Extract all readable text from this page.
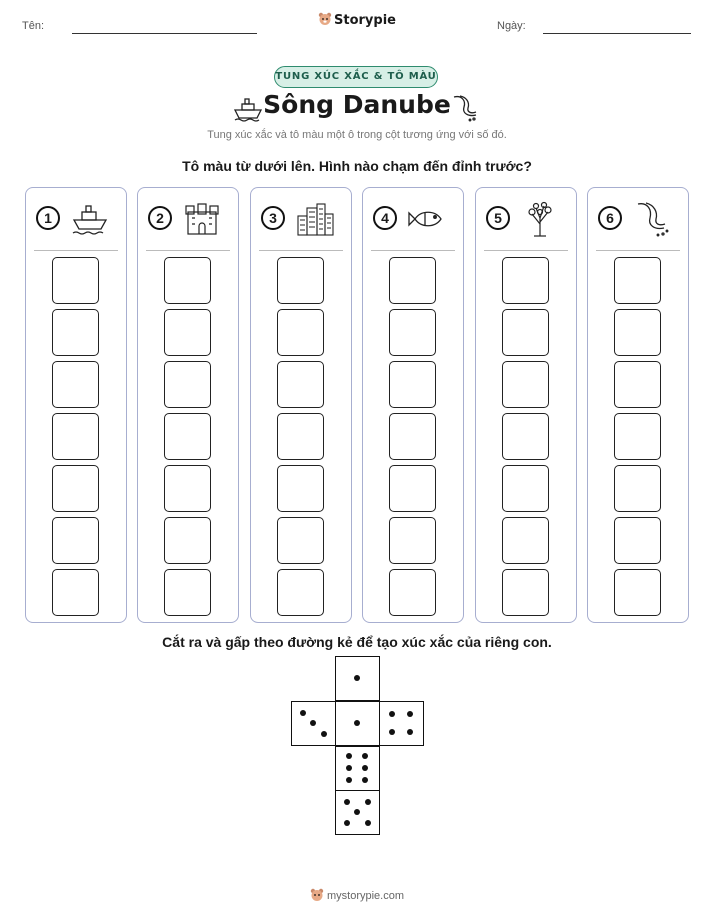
Tên:	Ngày:
Storypie
TUNG XÚC XẮC & TÔ MÀU
Sông Danube
Tung xúc xắc và tô màu một ô trong cột tương ứng với số đó.
Tô màu từ dưới lên. Hình nào chạm đến đỉnh trước?
1	2	3	4	5	6
Cắt ra và gấp theo đường kẻ để tạo xúc xắc của riêng con.
mystorypie.com
